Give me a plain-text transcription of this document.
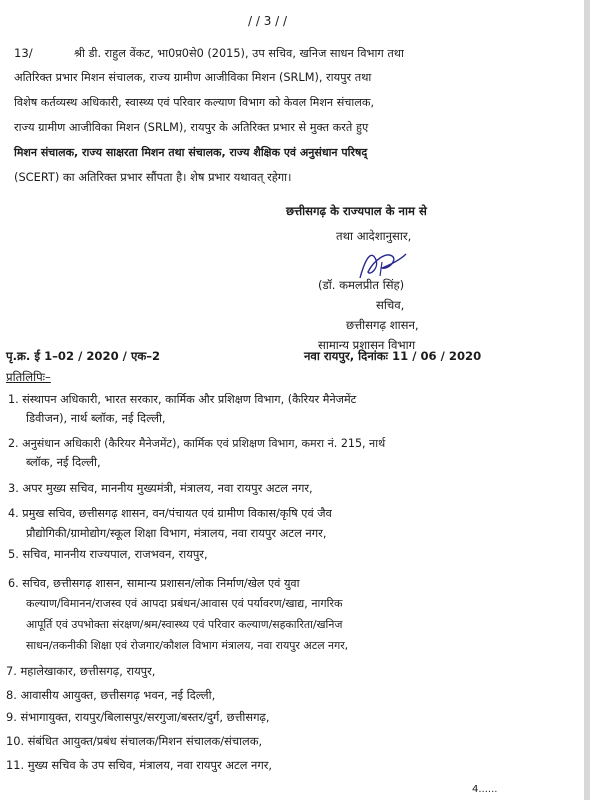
/ / 3 / /
13/	श्री डी. राहुल वेंकट, भा0प्र0से0 (2015), उप सचिव, खनिज साधन विभाग तथा
अतिरिक्त प्रभार मिशन संचालक, राज्य ग्रामीण आजीविका मिशन (SRLM), रायपुर तथा
विशेष कर्तव्यस्थ अधिकारी, स्वास्थ्य एवं परिवार कल्याण विभाग को केवल मिशन संचालक,
राज्य ग्रामीण आजीविका मिशन (SRLM), रायपुर के अतिरिक्त प्रभार से मुक्त करते हुए
मिशन संचालक, राज्य साक्षरता मिशन तथा संचालक, राज्य शैक्षिक एवं अनुसंधान परिषद्
(SCERT) का अतिरिक्त प्रभार सौंपता है। शेष प्रभार यथावत् रहेगा।
छत्तीसगढ़ के राज्यपाल के नाम से
तथा आदेशानुसार,
(डॉ. कमलप्रीत सिंह)
सचिव,
छत्तीसगढ़ शासन,
सामान्य प्रशासन विभाग
पृ.क्र. ई 1–02 / 2020 / एक–2	नवा रायपुर, दिनांकः 11 / 06 / 2020
प्रतिलिपिः–
1. संस्थापन अधिकारी, भारत सरकार, कार्मिक और प्रशिक्षण विभाग, (कैरियर मैनेजमेंट
डिवीजन), नार्थ ब्लॉक, नई दिल्ली,
2. अनुसंधान अधिकारी (कैरियर मैनेजमेंट), कार्मिक एवं प्रशिक्षण विभाग, कमरा नं. 215, नार्थ
ब्लॉक, नई दिल्ली,
3. अपर मुख्य सचिव, माननीय मुख्यमंत्री, मंत्रालय, नवा रायपुर अटल नगर,
4. प्रमुख सचिव, छत्तीसगढ़ शासन, वन/पंचायत एवं ग्रामीण विकास/कृषि एवं जैव
प्रौद्योगिकी/ग्रामोद्योग/स्कूल शिक्षा विभाग, मंत्रालय, नवा रायपुर अटल नगर,
5. सचिव, माननीय राज्यपाल, राजभवन, रायपुर,
6. सचिव, छत्तीसगढ़ शासन, सामान्य प्रशासन/लोक निर्माण/खेल एवं युवा
कल्याण/विमानन/राजस्व एवं आपदा प्रबंधन/आवास एवं पर्यावरण/खाद्य, नागरिक
आपूर्ति एवं उपभोक्ता संरक्षण/श्रम/स्वास्थ्य एवं परिवार कल्याण/सहकारिता/खनिज
साधन/तकनीकी शिक्षा एवं रोजगार/कौशल विभाग मंत्रालय, नवा रायपुर अटल नगर,
7. महालेखाकार, छत्तीसगढ़, रायपुर,
8. आवासीय आयुक्त, छत्तीसगढ़ भवन, नई दिल्ली,
9. संभागायुक्त, रायपुर/बिलासपुर/सरगुजा/बस्तर/दुर्ग, छत्तीसगढ़,
10. संबंधित आयुक्त/प्रबंध संचालक/मिशन संचालक/संचालक,
11. मुख्य सचिव के उप सचिव, मंत्रालय, नवा रायपुर अटल नगर,
4......
